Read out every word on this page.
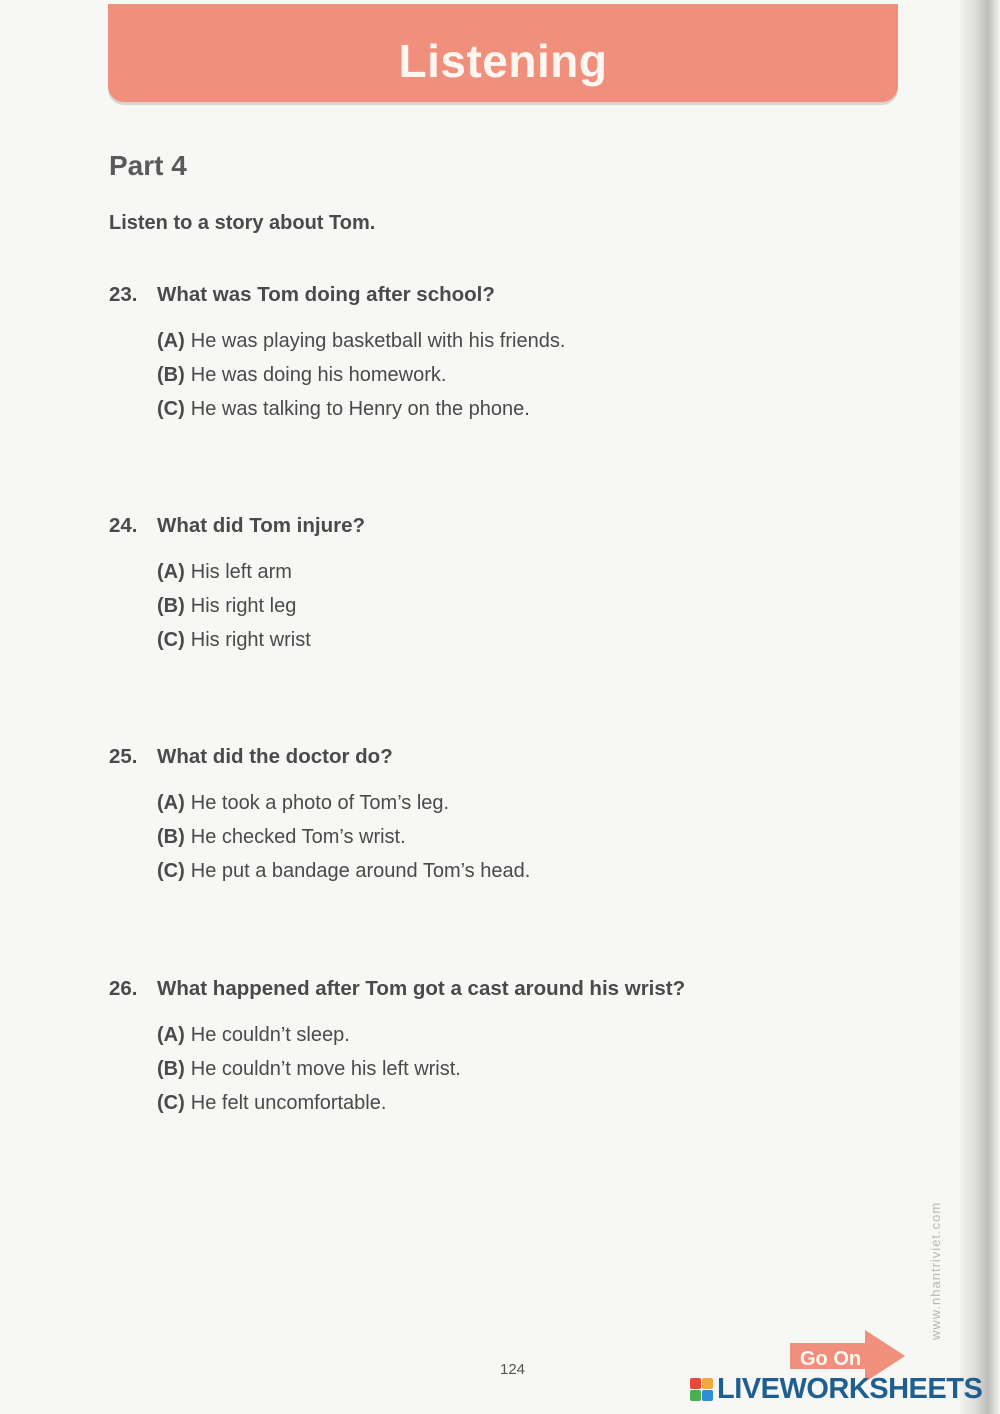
Listening
Part 4
Listen to a story about Tom.
23. What was Tom doing after school?
(A) He was playing basketball with his friends.
(B) He was doing his homework.
(C) He was talking to Henry on the phone.
24. What did Tom injure?
(A) His left arm
(B) His right leg
(C) His right wrist
25. What did the doctor do?
(A) He took a photo of Tom’s leg.
(B) He checked Tom’s wrist.
(C) He put a bandage around Tom’s head.
26. What happened after Tom got a cast around his wrist?
(A) He couldn’t sleep.
(B) He couldn’t move his left wrist.
(C) He felt uncomfortable.
www.nhantriviet.com
124	Go On
LIVEWORKSHEETS
